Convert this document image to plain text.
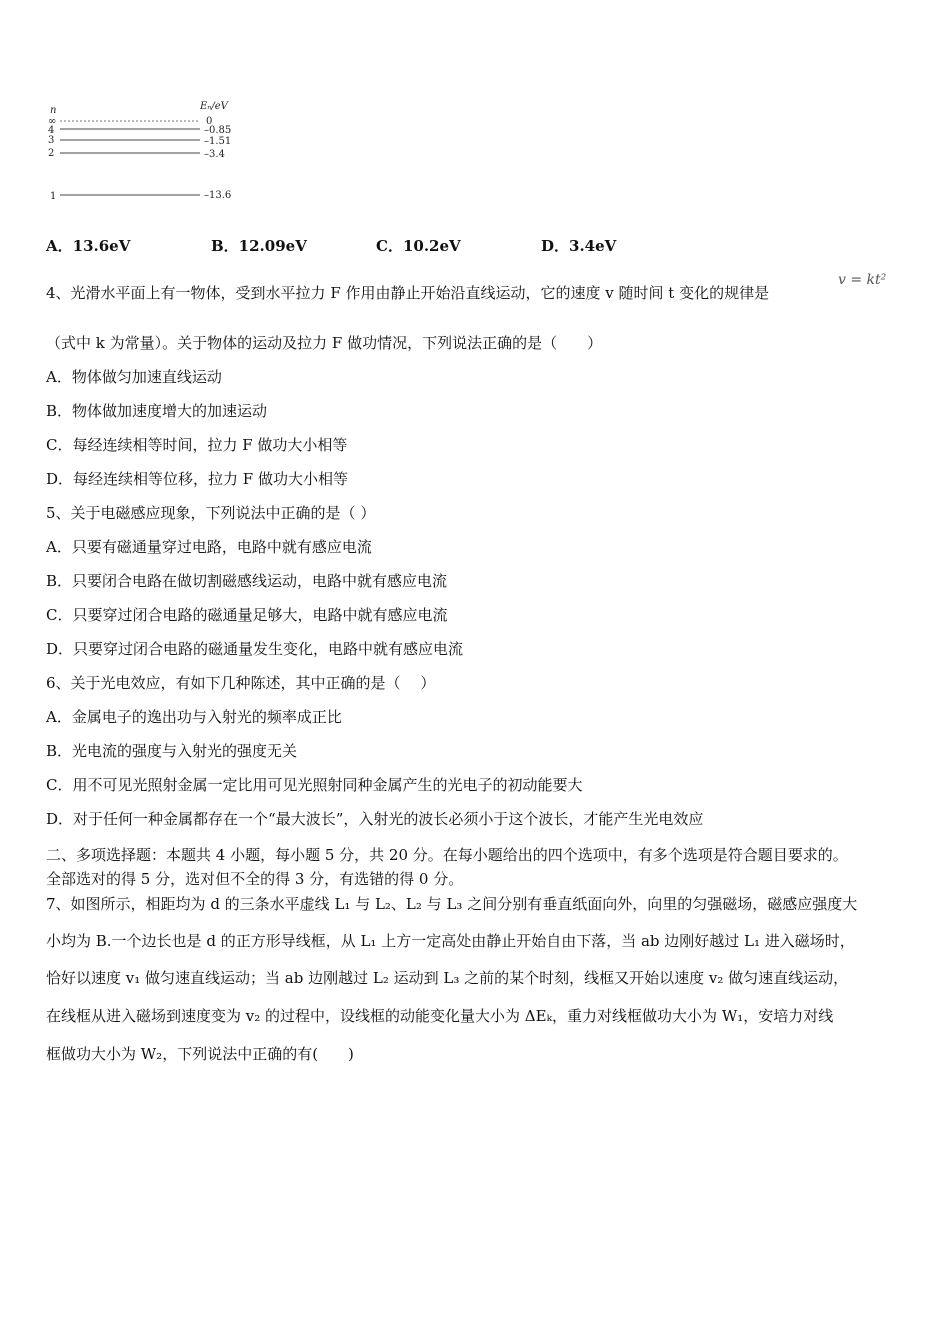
n	Eₙ/eV
∞
4
3
2
1
0
–0.85
–1.51
–3.4
–13.6
A．13.6eV	B．12.09eV	C．10.2eV	D．3.4eV
4、光滑水平面上有一物体，受到水平拉力 F 作用由静止开始沿直线运动，它的速度 v 随时间 t 变化的规律是
v = kt²
（式中 k 为常量）。关于物体的运动及拉力 F 做功情况，下列说法正确的是（　　）
A．物体做匀加速直线运动
B．物体做加速度增大的加速运动
C．每经连续相等时间，拉力 F 做功大小相等
D．每经连续相等位移，拉力 F 做功大小相等
5、关于电磁感应现象，下列说法中正确的是（ ）
A．只要有磁通量穿过电路，电路中就有感应电流
B．只要闭合电路在做切割磁感线运动，电路中就有感应电流
C．只要穿过闭合电路的磁通量足够大，电路中就有感应电流
D．只要穿过闭合电路的磁通量发生变化，电路中就有感应电流
6、关于光电效应，有如下几种陈述，其中正确的是（　 ）
A．金属电子的逸出功与入射光的频率成正比
B．光电流的强度与入射光的强度无关
C．用不可见光照射金属一定比用可见光照射同种金属产生的光电子的初动能要大
D．对于任何一种金属都存在一个“最大波长”，入射光的波长必须小于这个波长，才能产生光电效应
二、多项选择题：本题共 4 小题，每小题 5 分，共 20 分。在每小题给出的四个选项中，有多个选项是符合题目要求的。
全部选对的得 5 分，选对但不全的得 3 分，有选错的得 0 分。
7、如图所示，相距均为 d 的三条水平虚线 L₁ 与 L₂、L₂ 与 L₃ 之间分别有垂直纸面向外，向里的匀强磁场，磁感应强度大
小均为 B.一个边长也是 d 的正方形导线框，从 L₁ 上方一定高处由静止开始自由下落，当 ab 边刚好越过 L₁ 进入磁场时，
恰好以速度 v₁ 做匀速直线运动；当 ab 边刚越过 L₂ 运动到 L₃ 之前的某个时刻，线框又开始以速度 v₂ 做匀速直线运动，
在线框从进入磁场到速度变为 v₂ 的过程中，设线框的动能变化量大小为 ΔEₖ，重力对线框做功大小为 W₁，安培力对线
框做功大小为 W₂，下列说法中正确的有(　　)
